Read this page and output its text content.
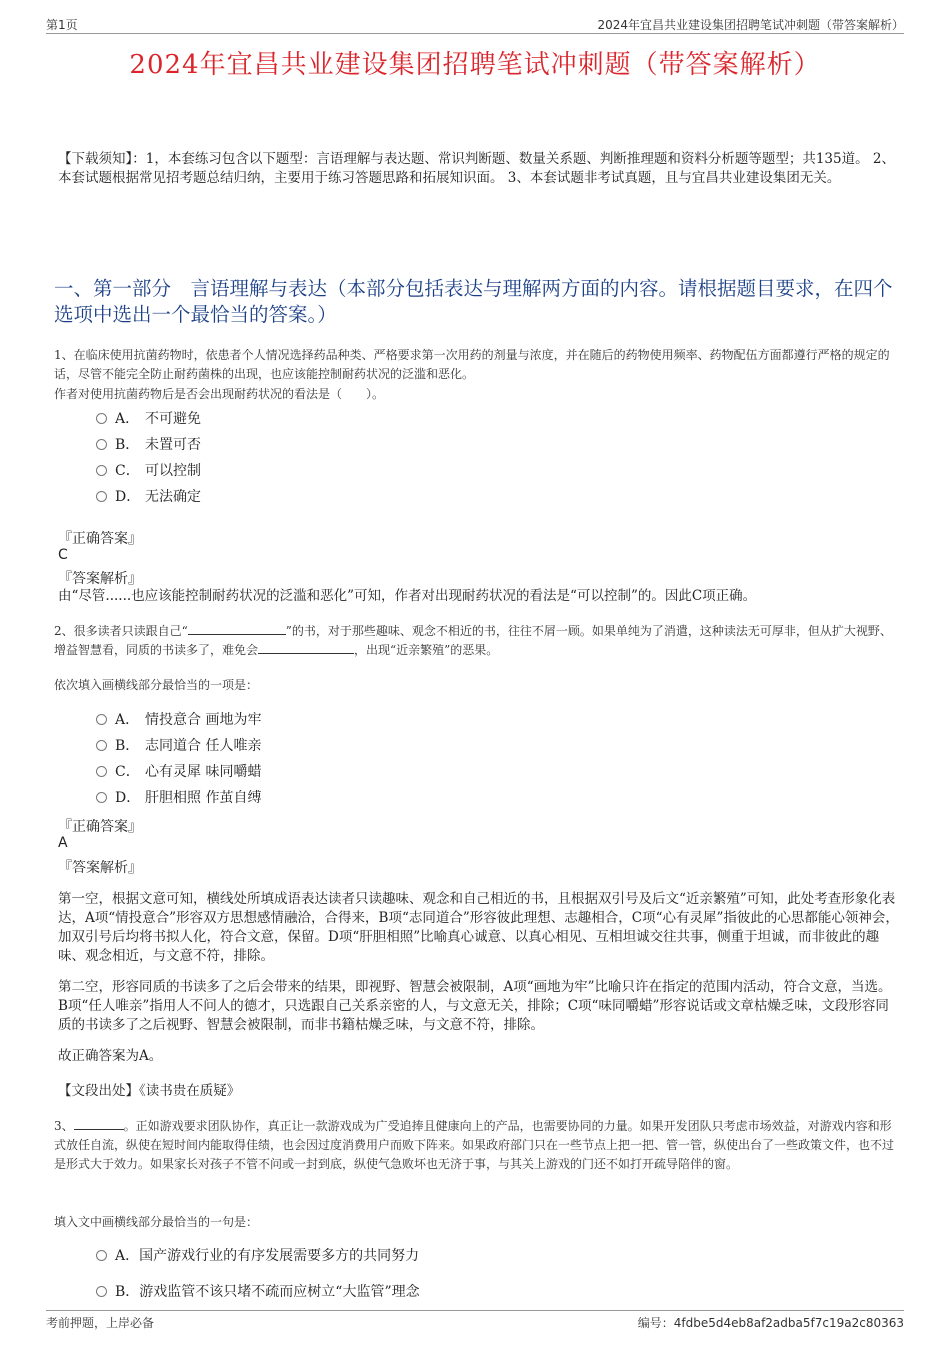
第1页	2024年宜昌共业建设集团招聘笔试冲刺题（带答案解析）
2024年宜昌共业建设集团招聘笔试冲刺题（带答案解析）
【下载须知】：1，本套练习包含以下题型：言语理解与表达题、常识判断题、数量关系题、判断推理题和资料分析题等题型；共135道。 2、本套试题根据常见招考题总结归纳，主要用于练习答题思路和拓展知识面。 3、本套试题非考试真题，且与宜昌共业建设集团无关。
一、第一部分　言语理解与表达（本部分包括表达与理解两方面的内容。请根据题目要求，在四个选项中选出一个最恰当的答案。）
1、在临床使用抗菌药物时，依患者个人情况选择药品种类、严格要求第一次用药的剂量与浓度，并在随后的药物使用频率、药物配伍方面都遵行严格的规定的话，尽管不能完全防止耐药菌株的出现，也应该能控制耐药状况的泛滥和恶化。
作者对使用抗菌药物后是否会出现耐药状况的看法是（　　）。
A． 不可避免
B． 未置可否
C． 可以控制
D． 无法确定
『正确答案』
C
『答案解析』
由“尽管......也应该能控制耐药状况的泛滥和恶化”可知，作者对出现耐药状况的看法是“可以控制”的。因此C项正确。
2、很多读者只读跟自己“	”的书，对于那些趣味、观念不相近的书，往往不屑一顾。如果单纯为了消遣，这种读法无可厚非，但从扩大视野、增益智慧看，同质的书读多了，难免会	，出现“近亲繁殖”的恶果。
依次填入画横线部分最恰当的一项是：
A． 情投意合 画地为牢
B． 志同道合 任人唯亲
C． 心有灵犀 味同嚼蜡
D． 肝胆相照 作茧自缚
『正确答案』
A
『答案解析』
第一空，根据文意可知，横线处所填成语表达读者只读趣味、观念和自己相近的书，且根据双引号及后文“近亲繁殖”可知，此处考查形象化表达，A项“情投意合”形容双方思想感情融洽，合得来，B项“志同道合”形容彼此理想、志趣相合，C项“心有灵犀”指彼此的心思都能心领神会，加双引号后均将书拟人化，符合文意，保留。D项“肝胆相照”比喻真心诚意、以真心相见、互相坦诚交往共事，侧重于坦诚，而非彼此的趣味、观念相近，与文意不符，排除。
第二空，形容同质的书读多了之后会带来的结果，即视野、智慧会被限制，A项“画地为牢”比喻只许在指定的范围内活动，符合文意，当选。B项“任人唯亲”指用人不问人的德才，只选跟自己关系亲密的人，与文意无关，排除；C项“味同嚼蜡”形容说话或文章枯燥乏味，文段形容同质的书读多了之后视野、智慧会被限制，而非书籍枯燥乏味，与文意不符，排除。
故正确答案为A。
【文段出处】《读书贵在质疑》
3、	。正如游戏要求团队协作，真正让一款游戏成为广受追捧且健康向上的产品，也需要协同的力量。如果开发团队只考虑市场效益，对游戏内容和形式放任自流，纵使在短时间内能取得佳绩，也会因过度消费用户而败下阵来。如果政府部门只在一些节点上把一把、管一管，纵使出台了一些政策文件，也不过是形式大于效力。如果家长对孩子不管不问或一封到底，纵使气急败坏也无济于事，与其关上游戏的门还不如打开疏导陪伴的窗。
填入文中画横线部分最恰当的一句是：
A．国产游戏行业的有序发展需要多方的共同努力
B．游戏监管不该只堵不疏而应树立“大监管”理念
考前押题，上岸必备	编号：4fdbe5d4eb8af2adba5f7c19a2c80363
